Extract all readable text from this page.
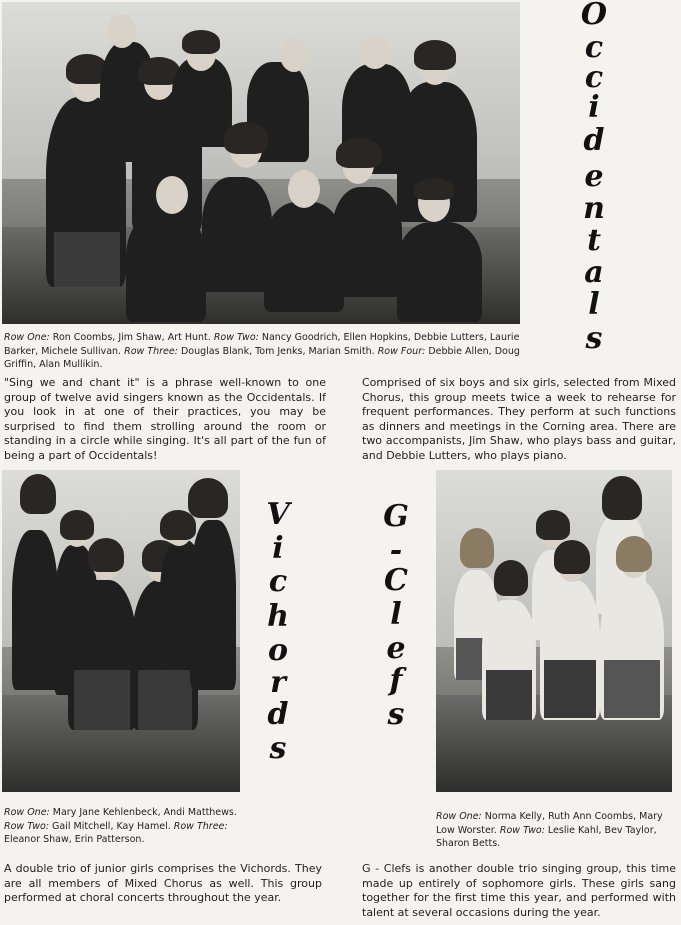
O
c
c
i
d
e
n
t
a
l
s
Row One: Ron Coombs, Jim Shaw, Art Hunt. Row Two: Nancy Goodrich, Ellen Hopkins, Debbie Lutters, Laurie Barker, Michele Sullivan. Row Three: Douglas Blank, Tom Jenks, Marian Smith. Row Four: Debbie Allen, Doug Griffin, Alan Mullikin.
"Sing we and chant it" is a phrase well-known to one group of twelve avid singers known as the Occidentals. If you look in at one of their practices, you may be surprised to find them strolling around the room or standing in a circle while singing. It's all part of the fun of being a part of Occidentals!
Comprised of six boys and six girls, selected from Mixed Chorus, this group meets twice a week to rehearse for frequent performances. They perform at such functions as dinners and meetings in the Corning area. There are two accompanists, Jim Shaw, who plays bass and guitar, and Debbie Lutters, who plays piano.
V
i
c
h
o
r
d
s
Row One: Mary Jane Kehlenbeck, Andi Matthews. Row Two: Gail Mitchell, Kay Hamel. Row Three: Eleanor Shaw, Erin Patterson.
A double trio of junior girls comprises the Vichords. They are all members of Mixed Chorus as well. This group performed at choral concerts throughout the year.
G
-
C
l
e
f
s
Row One: Norma Kelly, Ruth Ann Coombs, Mary Low Worster. Row Two: Leslie Kahl, Bev Taylor, Sharon Betts.
G - Clefs is another double trio singing group, this time made up entirely of sophomore girls. These girls sang together for the first time this year, and performed with talent at several occasions during the year.
